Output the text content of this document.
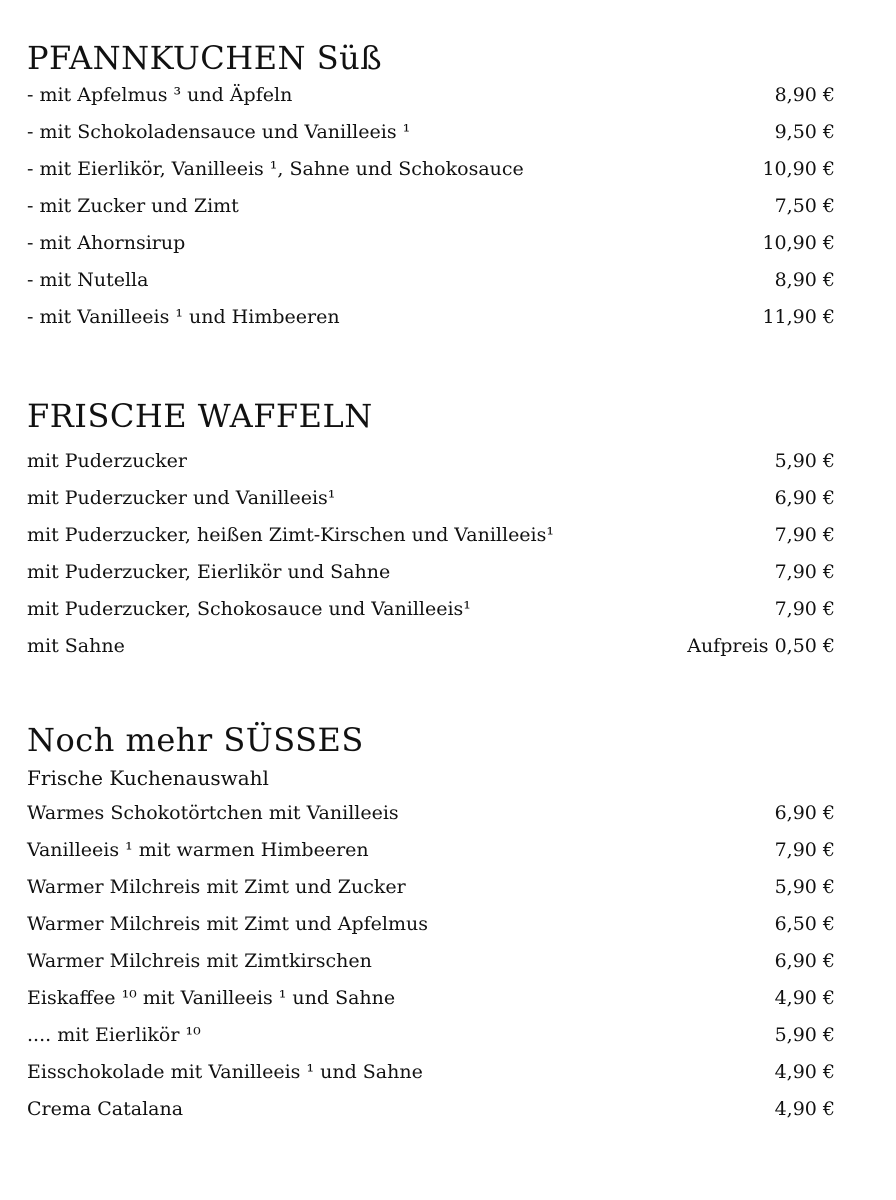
PFANNKUCHEN Süß
- mit Apfelmus ³ und Äpfeln	8,90 €
- mit Schokoladensauce und Vanilleeis ¹	9,50 €
- mit Eierlikör, Vanilleeis ¹, Sahne und Schokosauce	10,90 €
- mit Zucker und Zimt	7,50 €
- mit Ahornsirup	10,90 €
- mit Nutella	8,90 €
- mit Vanilleeis ¹ und Himbeeren	11,90 €
FRISCHE WAFFELN
mit Puderzucker	5,90 €
mit Puderzucker und Vanilleeis¹	6,90 €
mit Puderzucker, heißen Zimt-Kirschen und Vanilleeis¹	7,90 €
mit Puderzucker, Eierlikör und Sahne	7,90 €
mit Puderzucker, Schokosauce und Vanilleeis¹	7,90 €
mit Sahne	Aufpreis 0,50 €
Noch mehr SÜSSES
Frische Kuchenauswahl
Warmes Schokotörtchen mit Vanilleeis	6,90 €
Vanilleeis ¹ mit warmen Himbeeren	7,90 €
Warmer Milchreis mit Zimt und Zucker	5,90 €
Warmer Milchreis mit Zimt und Apfelmus	6,50 €
Warmer Milchreis mit Zimtkirschen	6,90 €
Eiskaffee ¹⁰ mit Vanilleeis ¹ und Sahne	4,90 €
.... mit Eierlikör ¹⁰	5,90 €
Eisschokolade mit Vanilleeis ¹ und Sahne	4,90 €
Crema Catalana	4,90 €
